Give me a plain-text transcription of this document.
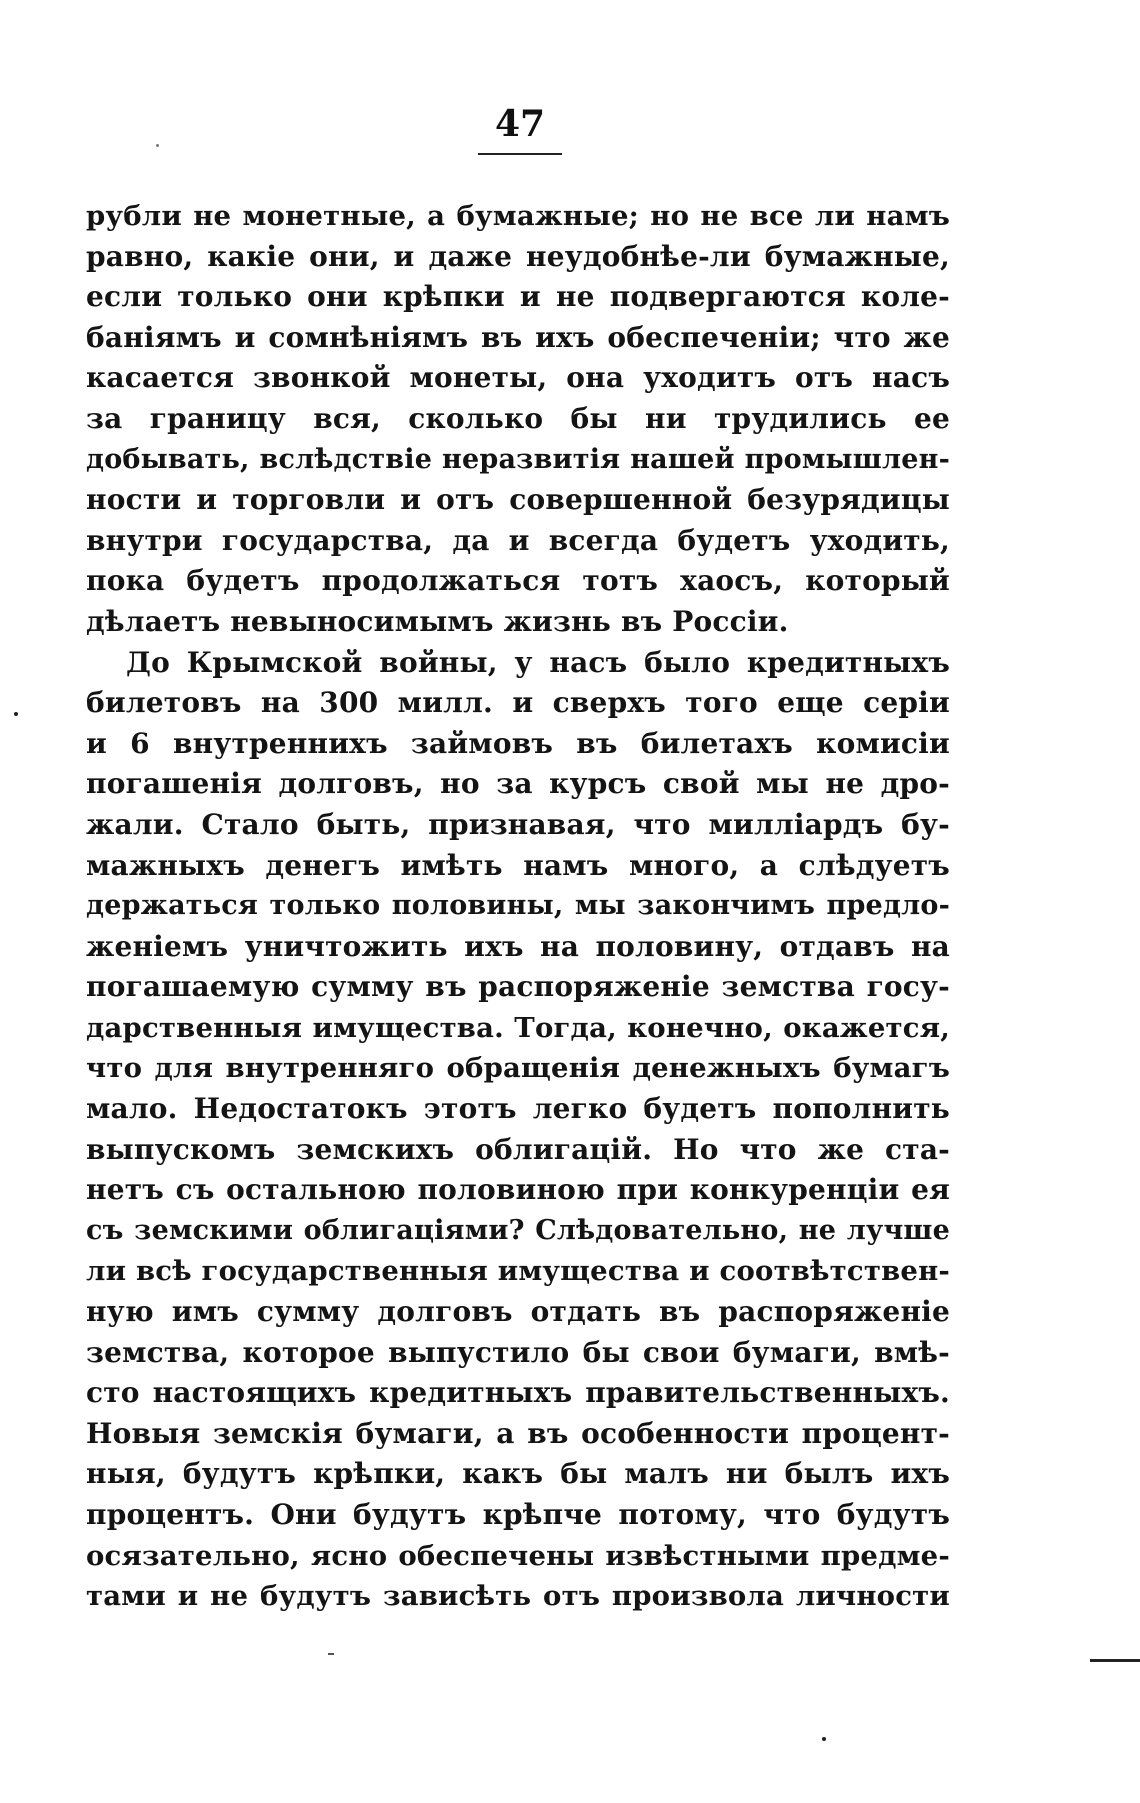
47
рубли не монетные, а бумажные; но не все ли намъ
равно, какіе они, и даже неудобнѣе-ли бумажные,
если только они крѣпки и не подвергаются коле-
баніямъ и сомнѣніямъ въ ихъ обеспеченіи; что же
касается звонкой монеты, она уходитъ отъ насъ
за границу вся, сколько бы ни трудились ее
добывать, вслѣдствіе неразвитія нашей промышлен-
ности и торговли и отъ совершенной безурядицы
внутри государства, да и всегда будетъ уходить,
пока будетъ продолжаться тотъ хаосъ, который
дѣлаетъ невыносимымъ жизнь въ Россіи.
До Крымской войны, у насъ было кредитныхъ
билетовъ на 300 милл. и сверхъ того еще серіи
и 6 внутреннихъ займовъ въ билетахъ комисіи
погашенія долговъ, но за курсъ свой мы не дро-
жали. Стало быть, признавая, что миллiардъ бу-
мажныхъ денегъ имѣть намъ много, а слѣдуетъ
держаться только половины, мы закончимъ предло-
женіемъ уничтожить ихъ на половину, отдавъ на
погашаемую сумму въ распоряженіе земства госу-
дарственныя имущества. Тогда, конечно, окажется,
что для внутренняго обращенія денежныхъ бумагъ
мало. Недостатокъ этотъ легко будетъ пополнить
выпускомъ земскихъ облигацій. Но что же ста-
нетъ съ остальною половиною при конкуренціи ея
съ земскими облигаціями? Слѣдовательно, не лучше
ли всѣ государственныя имущества и соотвѣтствен-
ную имъ сумму долговъ отдать въ распоряженіе
земства, которое выпустило бы свои бумаги, вмѣ-
сто настоящихъ кредитныхъ правительственныхъ.
Новыя земскія бумаги, а въ особенности процент-
ныя, будутъ крѣпки, какъ бы малъ ни былъ ихъ
процентъ. Они будутъ крѣпче потому, что будутъ
осязательно, ясно обеспечены извѣстными предме-
тами и не будутъ зависѣть отъ произвола личности
